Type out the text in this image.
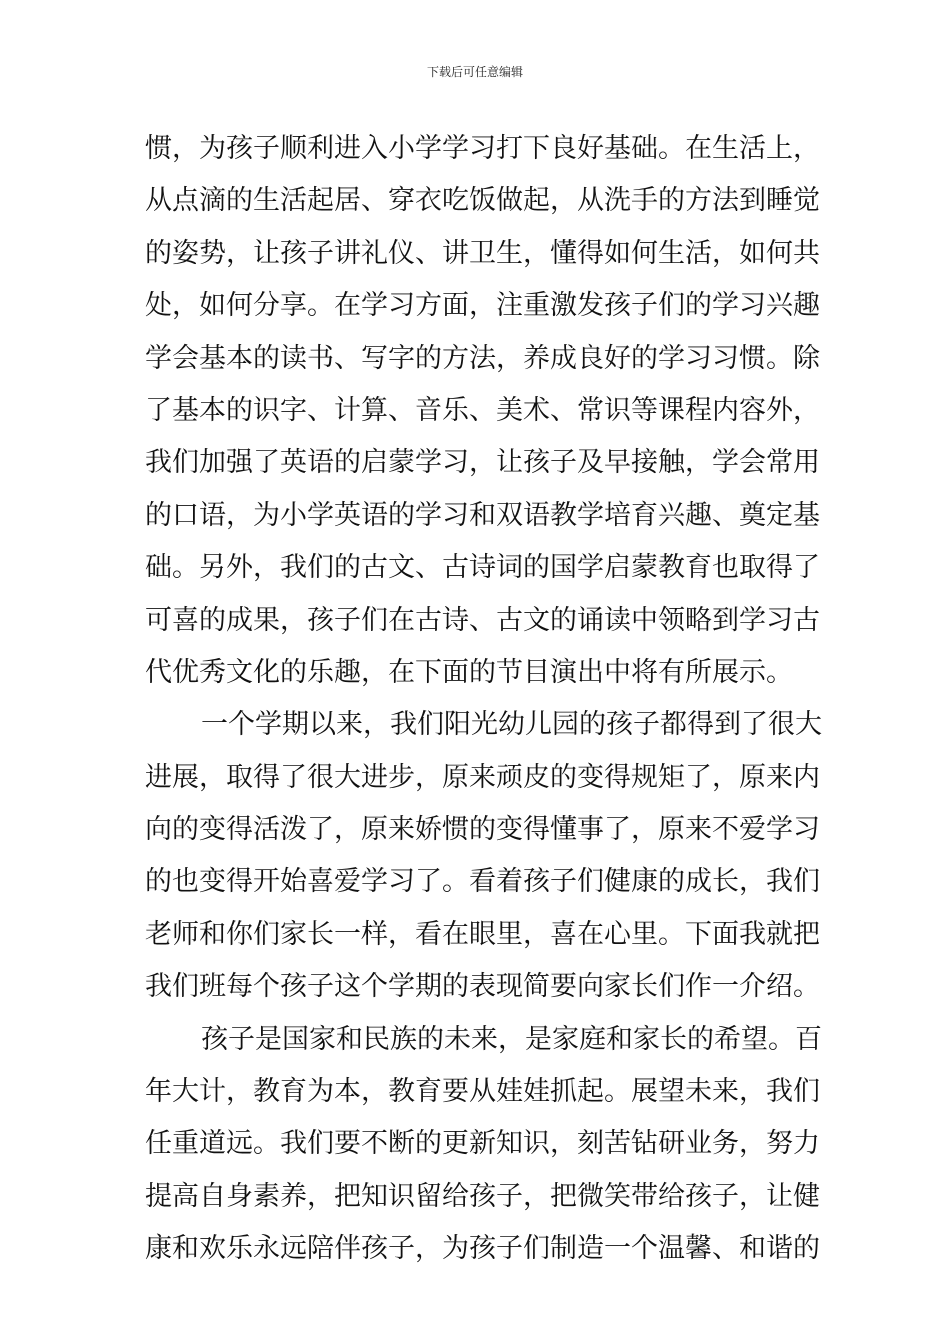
下载后可任意编辑
惯，为孩子顺利进入小学学习打下良好基础。在生活上，
从点滴的生活起居、穿衣吃饭做起，从洗手的方法到睡觉
的姿势，让孩子讲礼仪、讲卫生，懂得如何生活，如何共
处，如何分享。在学习方面，注重激发孩子们的学习兴趣
学会基本的读书、写字的方法，养成良好的学习习惯。除
了基本的识字、计算、音乐、美术、常识等课程内容外，
我们加强了英语的启蒙学习，让孩子及早接触，学会常用
的口语，为小学英语的学习和双语教学培育兴趣、奠定基
础。另外，我们的古文、古诗词的国学启蒙教育也取得了
可喜的成果，孩子们在古诗、古文的诵读中领略到学习古
代优秀文化的乐趣，在下面的节目演出中将有所展示。
一个学期以来，我们阳光幼儿园的孩子都得到了很大
进展，取得了很大进步，原来顽皮的变得规矩了，原来内
向的变得活泼了，原来娇惯的变得懂事了，原来不爱学习
的也变得开始喜爱学习了。看着孩子们健康的成长，我们
老师和你们家长一样，看在眼里，喜在心里。下面我就把
我们班每个孩子这个学期的表现简要向家长们作一介绍。
孩子是国家和民族的未来，是家庭和家长的希望。百
年大计，教育为本，教育要从娃娃抓起。展望未来，我们
任重道远。我们要不断的更新知识，刻苦钻研业务，努力
提高自身素养，把知识留给孩子，把微笑带给孩子，让健
康和欢乐永远陪伴孩子，为孩子们制造一个温馨、和谐的
